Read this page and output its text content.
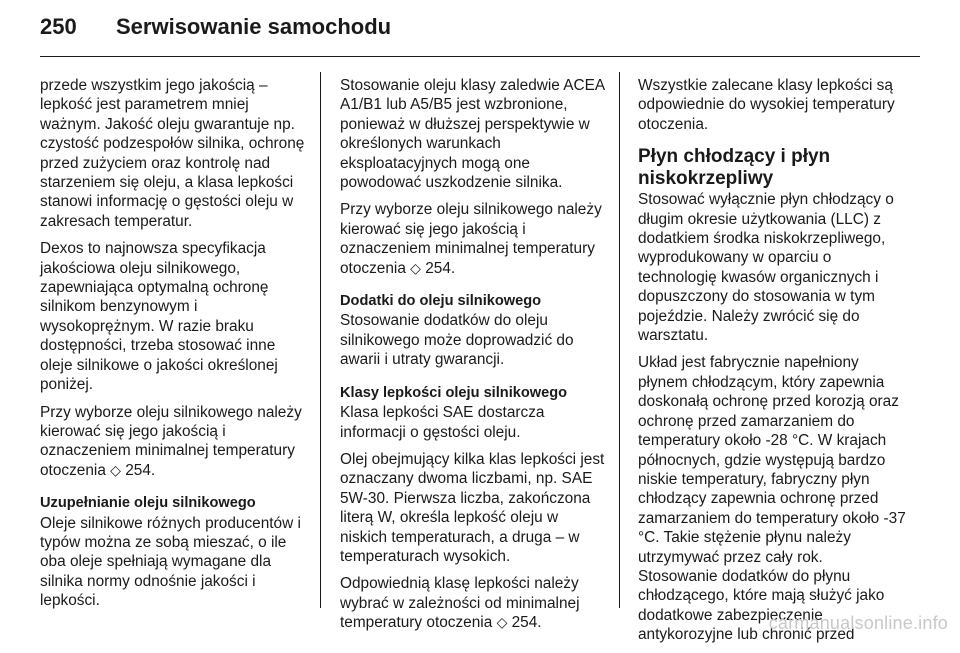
250	Serwisowanie samochodu

przede wszystkim jego jakością – lepkość jest parametrem mniej ważnym. Jakość oleju gwarantuje np. czystość podzespołów silnika, ochronę przed zużyciem oraz kontrolę nad starzeniem się oleju, a klasa lepkości stanowi informację o gęstości oleju w zakresach temperatur.

Dexos to najnowsza specyfikacja jakościowa oleju silnikowego, zapewniająca optymalną ochronę silnikom benzynowym i wysokoprężnym. W razie braku dostępności, trzeba stosować inne oleje silnikowe o jakości określonej poniżej.

Przy wyborze oleju silnikowego należy kierować się jego jakością i oznaczeniem minimalnej temperatury otoczenia ◇ 254.

Uzupełnianie oleju silnikowego

Oleje silnikowe różnych producentów i typów można ze sobą mieszać, o ile oba oleje spełniają wymagane dla silnika normy odnośnie jakości i lepkości.

Stosowanie oleju klasy zaledwie ACEA A1/B1 lub A5/B5 jest wzbronione, ponieważ w dłuższej perspektywie w określonych warunkach eksploatacyjnych mogą one powodować uszkodzenie silnika.

Przy wyborze oleju silnikowego należy kierować się jego jakością i oznaczeniem minimalnej temperatury otoczenia ◇ 254.

Dodatki do oleju silnikowego

Stosowanie dodatków do oleju silnikowego może doprowadzić do awarii i utraty gwarancji.

Klasy lepkości oleju silnikowego

Klasa lepkości SAE dostarcza informacji o gęstości oleju.

Olej obejmujący kilka klas lepkości jest oznaczany dwoma liczbami, np. SAE 5W-30. Pierwsza liczba, zakończona literą W, określa lepkość oleju w niskich temperaturach, a druga – w temperaturach wysokich.

Odpowiednią klasę lepkości należy wybrać w zależności od minimalnej temperatury otoczenia ◇ 254.

Wszystkie zalecane klasy lepkości są odpowiednie do wysokiej temperatury otoczenia.

Płyn chłodzący i płyn niskokrzepliwy

Stosować wyłącznie płyn chłodzący o długim okresie użytkowania (LLC) z dodatkiem środka niskokrzepliwego, wyprodukowany w oparciu o technologię kwasów organicznych i dopuszczony do stosowania w tym pojeździe. Należy zwrócić się do warsztatu.

Układ jest fabrycznie napełniony płynem chłodzącym, który zapewnia doskonałą ochronę przed korozją oraz ochronę przed zamarzaniem do temperatury około -28 °C. W krajach północnych, gdzie występują bardzo niskie temperatury, fabryczny płyn chłodzący zapewnia ochronę przed zamarzaniem do temperatury około -37 °C. Takie stężenie płynu należy utrzymywać przez cały rok.

Stosowanie dodatków do płynu chłodzącego, które mają służyć jako dodatkowe zabezpieczenie antykorozyjne lub chronić przed

carmanualsonline.info
